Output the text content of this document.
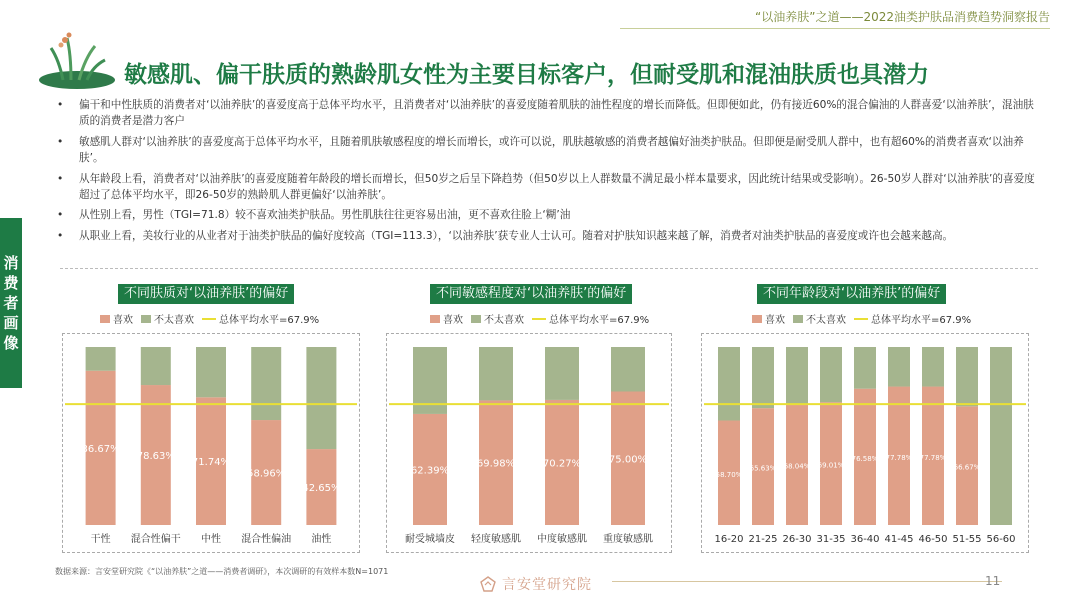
“以油养肤”之道——2022油类护肤品消费趋势洞察报告
敏感肌、偏干肤质的熟龄肌女性为主要目标客户，但耐受肌和混油肤质也具潜力
• 偏干和中性肤质的消费者对‘以油养肤’的喜爱度高于总体平均水平，且消费者对‘以油养肤’的喜爱度随着肌肤的油性程度的增长而降低。但即便如此，仍有接近60%的混合偏油的人群喜爱‘以油养肤’，混油肤质的消费者是潜力客户
• 敏感肌人群对‘以油养肤’的喜爱度高于总体平均水平，且随着肌肤敏感程度的增长而增长，或许可以说，肌肤越敏感的消费者越偏好油类护肤品。但即便是耐受肌人群中，也有超60%的消费者喜欢‘以油养肤’。
• 从年龄段上看，消费者对‘以油养肤’的喜爱度随着年龄段的增长而增长，但50岁之后呈下降趋势（但50岁以上人群数量不满足最小样本量要求，因此统计结果或受影响）。26-50岁人群对‘以油养肤’的喜爱度超过了总体平均水平，即26-50岁的熟龄肌人群更偏好‘以油养肤’。
• 从性别上看，男性（TGI=71.8）较不喜欢油类护肤品。男性肌肤往往更容易出油，更不喜欢往脸上‘糊’油
• 从职业上看，美妆行业的从业者对于油类护肤品的偏好度较高（TGI=113.3），‘以油养肤’获专业人士认可。随着对护肤知识越来越了解，消费者对油类护肤品的喜爱度或许也会越来越高。
消
费
者
画
像
不同肤质对‘以油养肤’的偏好
喜欢 不太喜欢	总体平均水平=67.9%
86.67%
干性
78.63%
混合性偏干
71.74%
中性
58.96%
混合性偏油
42.65%
油性
不同敏感程度对‘以油养肤’的偏好
喜欢 不太喜欢	总体平均水平=67.9%
62.39%
耐受城墙皮
69.98%
轻度敏感肌
70.27%
中度敏感肌
75.00%
重度敏感肌
不同年龄段对‘以油养肤’的偏好
喜欢 不太喜欢	总体平均水平=67.9%
58.70%
16-20
65.63%
21-25
68.04%
26-30
69.01%
31-35
76.58%
36-40
77.78%
41-45
77.78%
46-50
66.67%
51-55 56-60
数据来源：言安堂研究院《“以油养肤”之道——消费者调研》，本次调研的有效样本数N=1071
言安堂研究院	11
